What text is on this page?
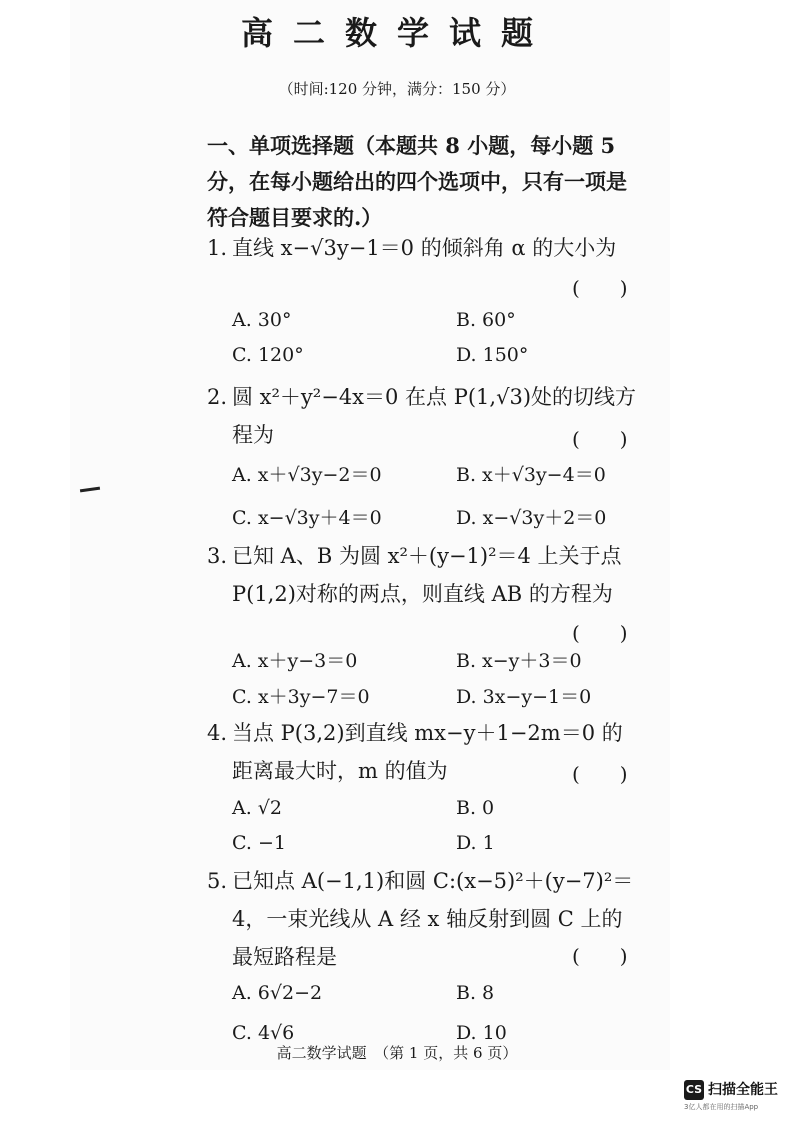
高二数学试题
（时间:120 分钟，满分：150 分）
一、单项选择题（本题共 8 小题，每小题 5 分，在每小题给出的四个选项中，只有一项是符合题目要求的.）
1. 直线 x−√3y−1＝0 的倾斜角 α 的大小为
(　　)
A. 30°	B. 60°
C. 120°	D. 150°
2. 圆 x²＋y²−4x＝0 在点 P(1,√3)处的切线方程为	(　　)
A. x＋√3y−2＝0	B. x＋√3y−4＝0
C. x−√3y＋4＝0	D. x−√3y＋2＝0
3. 已知 A、B 为圆 x²＋(y−1)²＝4 上关于点 P(1,2)对称的两点，则直线 AB 的方程为
(　　)
A. x＋y−3＝0	B. x−y＋3＝0
C. x＋3y−7＝0	D. 3x−y−1＝0
4. 当点 P(3,2)到直线 mx−y＋1−2m＝0 的距离最大时，m 的值为	(　　)
A. √2	B. 0
C. −1	D. 1
5. 已知点 A(−1,1)和圆 C:(x−5)²＋(y−7)²＝4，一束光线从 A 经 x 轴反射到圆 C 上的最短路程是	(　　)
A. 6√2−2	B. 8
C. 4√6	D. 10
高二数学试题　（第 1 页，共 6 页）
CS 扫描全能王
3亿人都在用的扫描App
